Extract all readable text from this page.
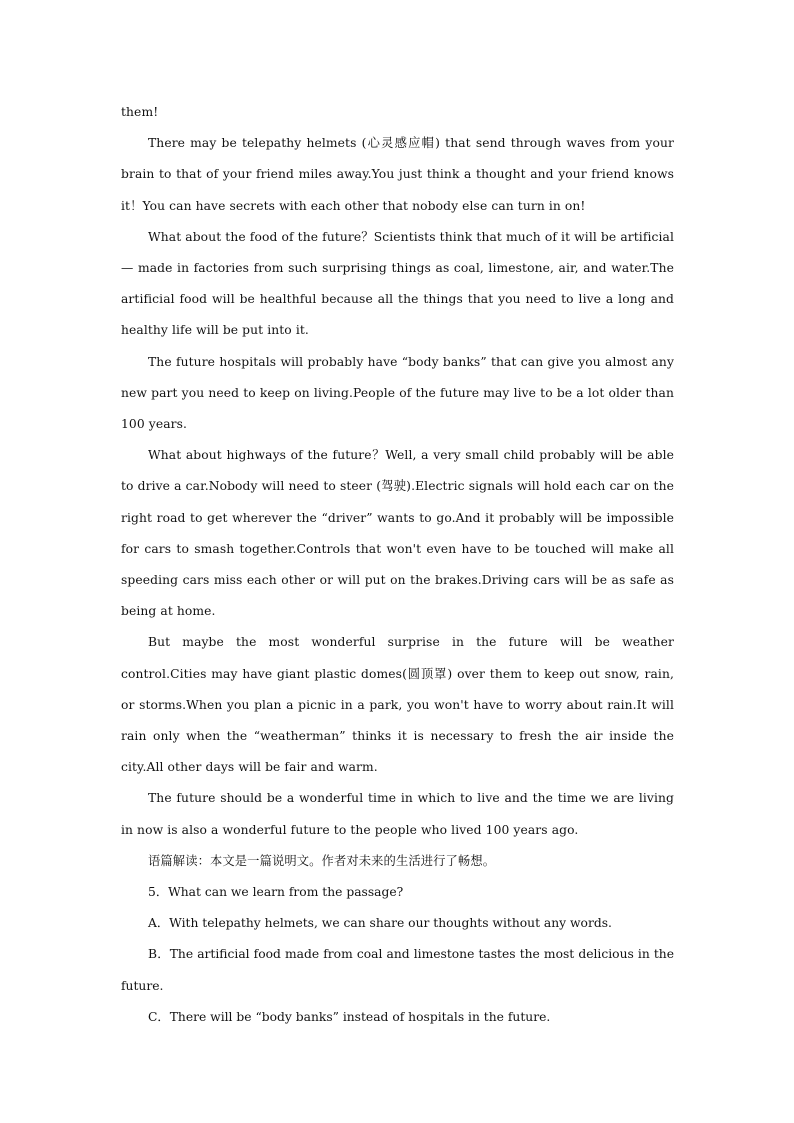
them!

There may be telepathy helmets (心灵感应帽) that send through waves from your brain to that of your friend miles away.You just think a thought and your friend knows it！You can have secrets with each other that nobody else can turn in on!

What about the food of the future？Scientists think that much of it will be artificial — made in factories from such surprising things as coal, limestone, air, and water.The artificial food will be healthful because all the things that you need to live a long and healthy life will be put into it.

The future hospitals will probably have “body banks” that can give you almost any new part you need to keep on living.People of the future may live to be a lot older than 100 years.

What about highways of the future？Well, a very small child probably will be able to drive a car.Nobody will need to steer (驾驶).Electric signals will hold each car on the right road to get wherever the “driver” wants to go.And it probably will be impossible for cars to smash together.Controls that won't even have to be touched will make all speeding cars miss each other or will put on the brakes.Driving cars will be as safe as being at home.

But maybe the most wonderful surprise in the future will be weather control.Cities may have giant plastic domes(圆顶罩) over them to keep out snow, rain, or storms.When you plan a picnic in a park, you won't have to worry about rain.It will rain only when the “weatherman” thinks it is necessary to fresh the air inside the city.All other days will be fair and warm.

The future should be a wonderful time in which to live and the time we are living in now is also a wonderful future to the people who lived 100 years ago.

语篇解读：本文是一篇说明文。作者对未来的生活进行了畅想。

5．What can we learn from the passage?

A．With telepathy helmets, we can share our thoughts without any words.

B．The artificial food made from coal and limestone tastes the most delicious in the future.

C．There will be “body banks” instead of hospitals in the future.
